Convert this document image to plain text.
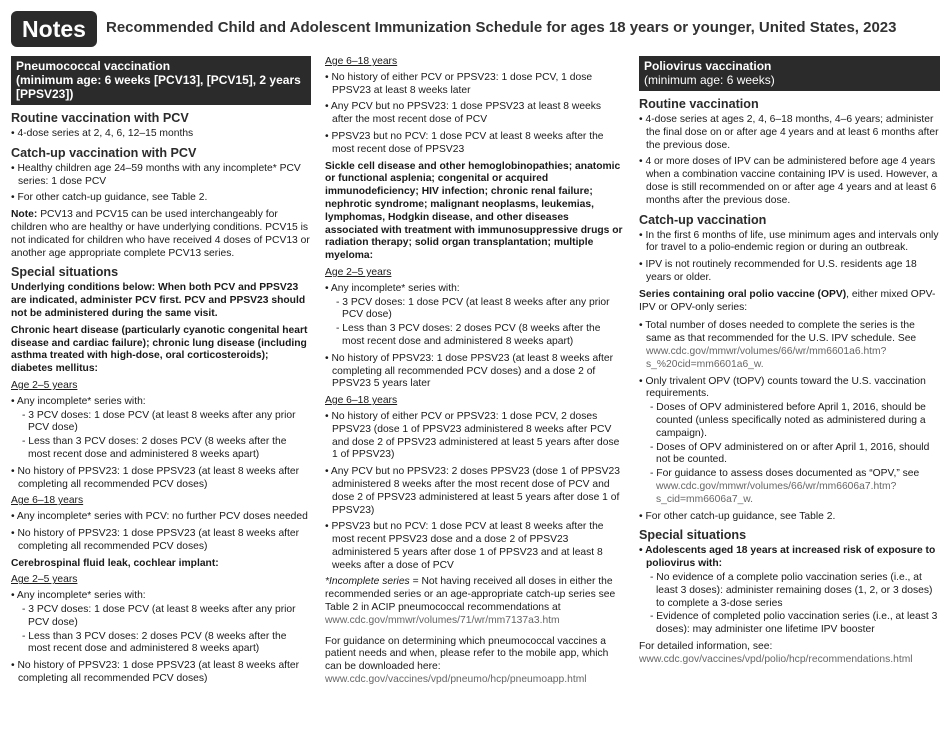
Notes	Recommended Child and Adolescent Immunization Schedule for ages 18 years or younger, United States, 2023
Pneumococcal vaccination
(minimum age: 6 weeks [PCV13], [PCV15], 2 years [PPSV23])
Routine vaccination with PCV
• 4-dose series at 2, 4, 6, 12–15 months
Catch-up vaccination with PCV
• Healthy children age 24–59 months with any incomplete* PCV series: 1 dose PCV
• For other catch-up guidance, see Table 2.
Note: PCV13 and PCV15 can be used interchangeably for children who are healthy or have underlying conditions. PCV15 is not indicated for children who have received 4 doses of PCV13 or another age appropriate complete PCV13 series.
Special situations
Underlying conditions below: When both PCV and PPSV23 are indicated, administer PCV first. PCV and PPSV23 should not be administered during the same visit.
Chronic heart disease (particularly cyanotic congenital heart disease and cardiac failure); chronic lung disease (including asthma treated with high-dose, oral corticosteroids); diabetes mellitus:
Age 2–5 years
• Any incomplete* series with:
- 3 PCV doses: 1 dose PCV (at least 8 weeks after any prior PCV dose)
- Less than 3 PCV doses: 2 doses PCV (8 weeks after the most recent dose and administered 8 weeks apart)
• No history of PPSV23: 1 dose PPSV23 (at least 8 weeks after completing all recommended PCV doses)
Age 6–18 years
• Any incomplete* series with PCV: no further PCV doses needed
• No history of PPSV23: 1 dose PPSV23 (at least 8 weeks after completing all recommended PCV doses)
Cerebrospinal fluid leak, cochlear implant:
Age 2–5 years
• Any incomplete* series with:
- 3 PCV doses: 1 dose PCV (at least 8 weeks after any prior PCV dose)
- Less than 3 PCV doses: 2 doses PCV (8 weeks after the most recent dose and administered 8 weeks apart)
• No history of PPSV23: 1 dose PPSV23 (at least 8 weeks after completing all recommended PCV doses)
Age 6–18 years
• No history of either PCV or PPSV23: 1 dose PCV, 1 dose PPSV23 at least 8 weeks later
• Any PCV but no PPSV23: 1 dose PPSV23 at least 8 weeks after the most recent dose of PCV
• PPSV23 but no PCV: 1 dose PCV at least 8 weeks after the most recent dose of PPSV23
Sickle cell disease and other hemoglobinopathies; anatomic or functional asplenia; congenital or acquired immunodeficiency; HIV infection; chronic renal failure; nephrotic syndrome; malignant neoplasms, leukemias, lymphomas, Hodgkin disease, and other diseases associated with treatment with immunosuppressive drugs or radiation therapy; solid organ transplantation; multiple myeloma:
Age 2–5 years
• Any incomplete* series with:
- 3 PCV doses: 1 dose PCV (at least 8 weeks after any prior PCV dose)
- Less than 3 PCV doses: 2 doses PCV (8 weeks after the most recent dose and administered 8 weeks apart)
• No history of PPSV23: 1 dose PPSV23 (at least 8 weeks after completing all recommended PCV doses) and a dose 2 of PPSV23 5 years later
Age 6–18 years
• No history of either PCV or PPSV23: 1 dose PCV, 2 doses PPSV23 (dose 1 of PPSV23 administered 8 weeks after PCV and dose 2 of PPSV23 administered at least 5 years after dose 1 of PPSV23)
• Any PCV but no PPSV23: 2 doses PPSV23 (dose 1 of PPSV23 administered 8 weeks after the most recent dose of PCV and dose 2 of PPSV23 administered at least 5 years after dose 1 of PPSV23)
• PPSV23 but no PCV: 1 dose PCV at least 8 weeks after the most recent PPSV23 dose and a dose 2 of PPSV23 administered 5 years after dose 1 of PPSV23 and at least 8 weeks after a dose of PCV
*Incomplete series = Not having received all doses in either the recommended series or an age-appropriate catch-up series see Table 2 in ACIP pneumococcal recommendations at www.cdc.gov/mmwr/volumes/71/wr/mm7137a3.htm
For guidance on determining which pneumococcal vaccines a patient needs and when, please refer to the mobile app, which can be downloaded here: www.cdc.gov/vaccines/vpd/pneumo/hcp/pneumoapp.html
Poliovirus vaccination
(minimum age: 6 weeks)
Routine vaccination
• 4-dose series at ages 2, 4, 6–18 months, 4–6 years; administer the final dose on or after age 4 years and at least 6 months after the previous dose.
• 4 or more doses of IPV can be administered before age 4 years when a combination vaccine containing IPV is used. However, a dose is still recommended on or after age 4 years and at least 6 months after the previous dose.
Catch-up vaccination
• In the first 6 months of life, use minimum ages and intervals only for travel to a polio-endemic region or during an outbreak.
• IPV is not routinely recommended for U.S. residents age 18 years or older.
Series containing oral polio vaccine (OPV), either mixed OPV-IPV or OPV-only series:
• Total number of doses needed to complete the series is the same as that recommended for the U.S. IPV schedule. See www.cdc.gov/mmwr/volumes/66/wr/mm6601a6.htm?s_%20cid=mm6601a6_w.
• Only trivalent OPV (tOPV) counts toward the U.S. vaccination requirements.
- Doses of OPV administered before April 1, 2016, should be counted (unless specifically noted as administered during a campaign).
- Doses of OPV administered on or after April 1, 2016, should not be counted.
- For guidance to assess doses documented as “OPV,” see www.cdc.gov/mmwr/volumes/66/wr/mm6606a7.htm?s_cid=mm6606a7_w.
• For other catch-up guidance, see Table 2.
Special situations
• Adolescents aged 18 years at increased risk of exposure to poliovirus with:
- No evidence of a complete polio vaccination series (i.e., at least 3 doses): administer remaining doses (1, 2, or 3 doses) to complete a 3-dose series
- Evidence of completed polio vaccination series (i.e., at least 3 doses): may administer one lifetime IPV booster
For detailed information, see: www.cdc.gov/vaccines/vpd/polio/hcp/recommendations.html
